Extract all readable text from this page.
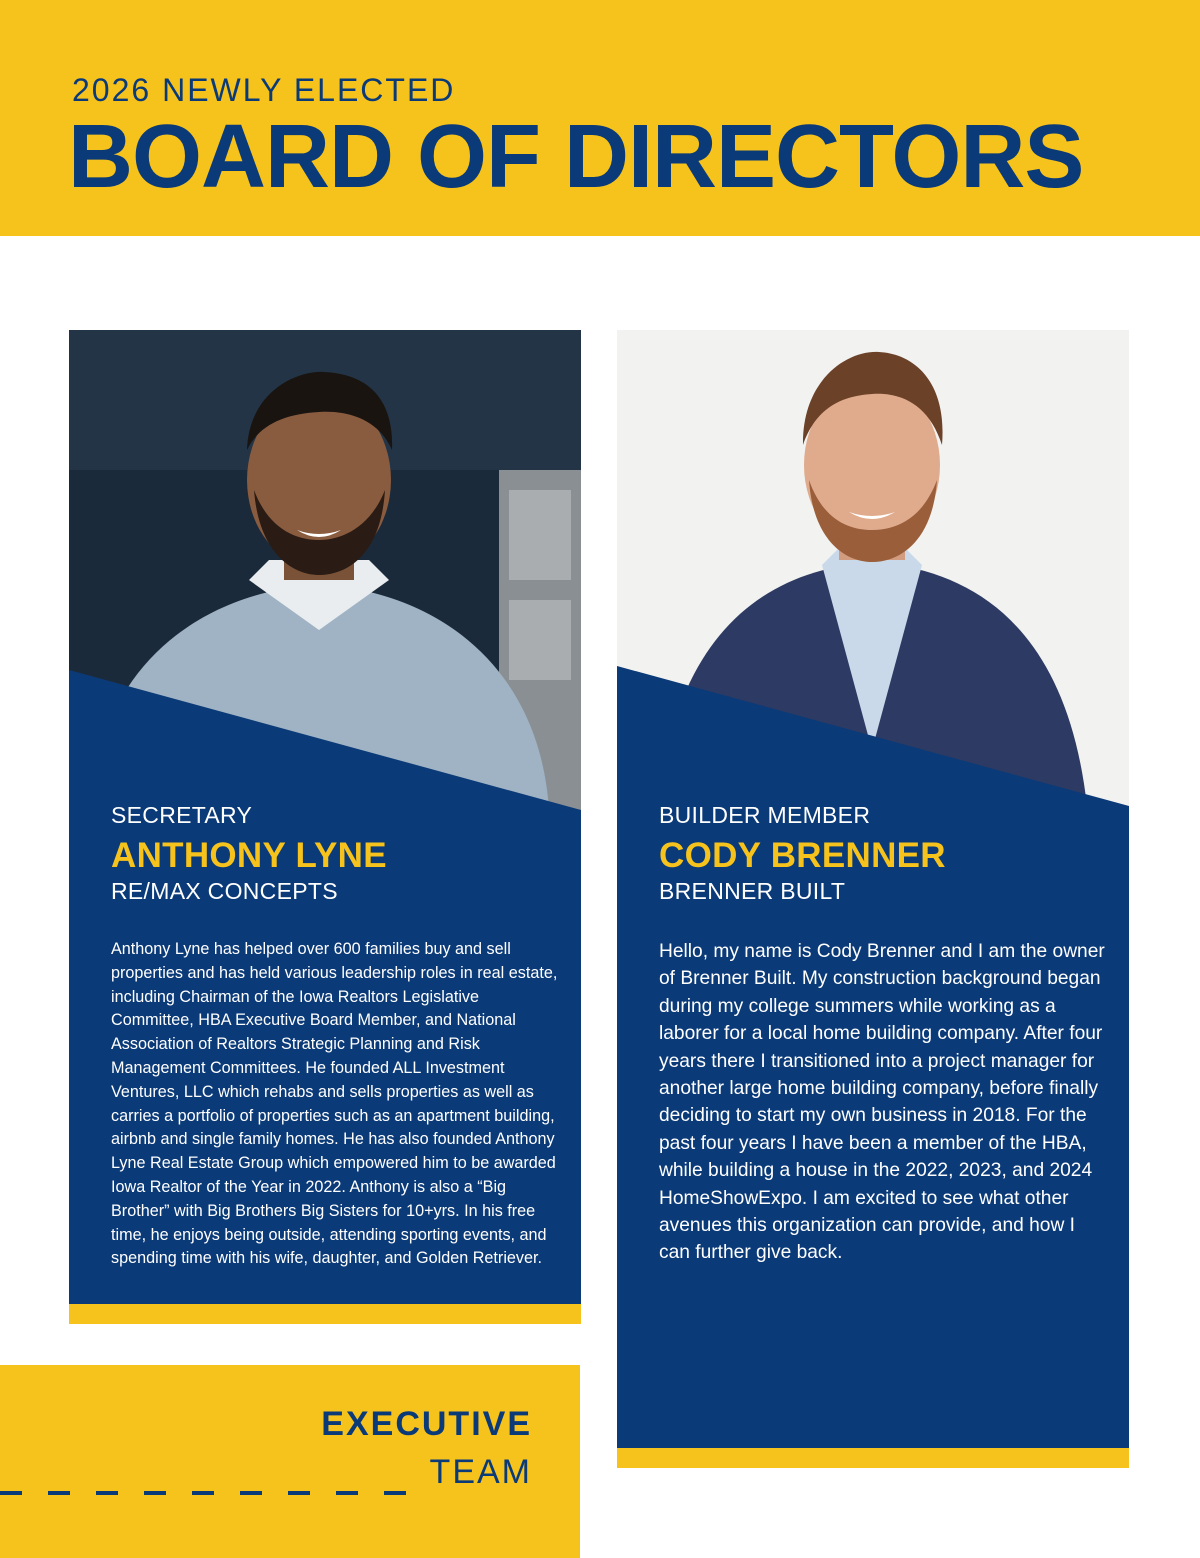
2026 NEWLY ELECTED
BOARD OF DIRECTORS
SECRETARY
ANTHONY LYNE
RE/MAX CONCEPTS

Anthony Lyne has helped over 600 families buy and sell properties and has held various leadership roles in real estate, including Chairman of the Iowa Realtors Legislative Committee, HBA Executive Board Member, and National Association of Realtors Strategic Planning and Risk Management Committees. He founded ALL Investment Ventures, LLC which rehabs and sells properties as well as carries a portfolio of properties such as an apartment building, airbnb and single family homes. He has also founded Anthony Lyne Real Estate Group which empowered him to be awarded Iowa Realtor of the Year in 2022. Anthony is also a “Big Brother” with Big Brothers Big Sisters for 10+yrs. In his free time, he enjoys being outside, attending sporting events, and spending time with his wife, daughter, and Golden Retriever.

BUILDER MEMBER
CODY BRENNER
BRENNER BUILT

Hello, my name is Cody Brenner and I am the owner of Brenner Built. My construction background began during my college summers while working as a laborer for a local home building company. After four years there I transitioned into a project manager for another large home building company, before finally deciding to start my own business in 2018. For the past four years I have been a member of the HBA, while building a house in the 2022, 2023, and 2024 HomeShowExpo. I am excited to see what other avenues this organization can provide, and how I can further give back.

EXECUTIVE
TEAM
